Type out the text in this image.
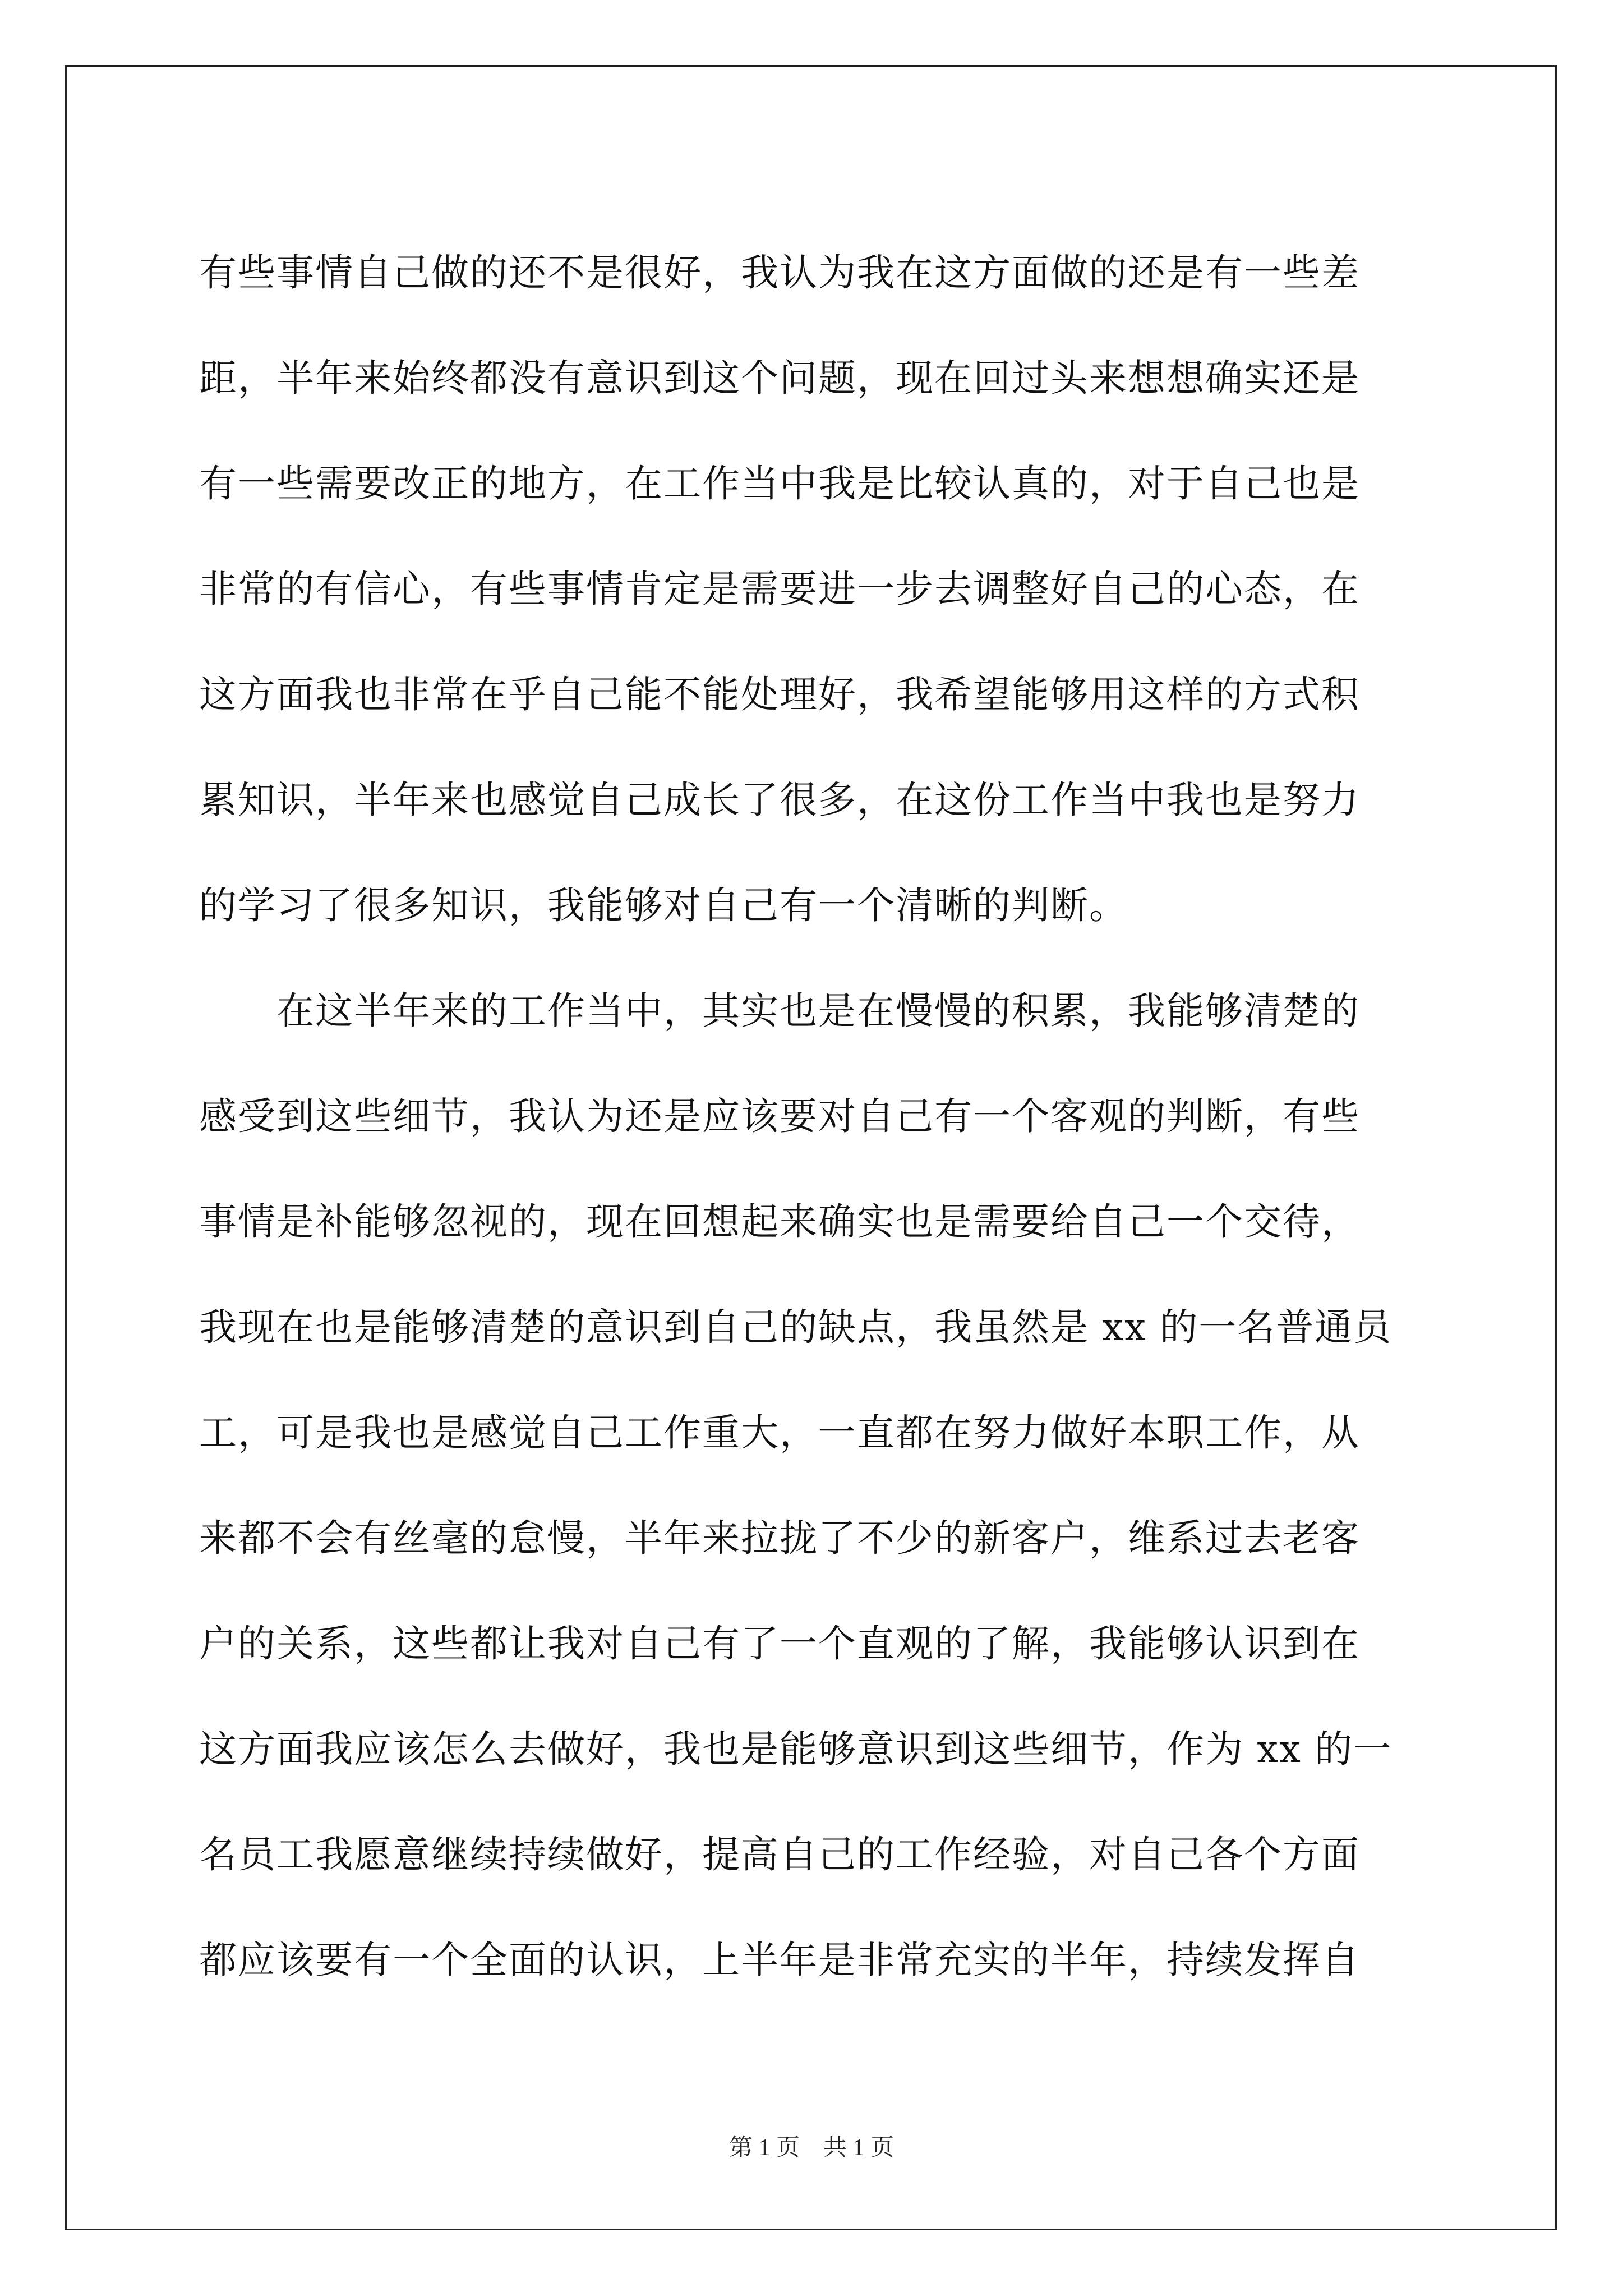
有些事情自己做的还不是很好，我认为我在这方面做的还是有一些差
距，半年来始终都没有意识到这个问题，现在回过头来想想确实还是
有一些需要改正的地方，在工作当中我是比较认真的，对于自己也是
非常的有信心，有些事情肯定是需要进一步去调整好自己的心态，在
这方面我也非常在乎自己能不能处理好，我希望能够用这样的方式积
累知识，半年来也感觉自己成长了很多，在这份工作当中我也是努力
的学习了很多知识，我能够对自己有一个清晰的判断。
　　在这半年来的工作当中，其实也是在慢慢的积累，我能够清楚的
感受到这些细节，我认为还是应该要对自己有一个客观的判断，有些
事情是补能够忽视的，现在回想起来确实也是需要给自己一个交待，
我现在也是能够清楚的意识到自己的缺点，我虽然是 xx 的一名普通员
工，可是我也是感觉自己工作重大，一直都在努力做好本职工作，从
来都不会有丝毫的怠慢，半年来拉拢了不少的新客户，维系过去老客
户的关系，这些都让我对自己有了一个直观的了解，我能够认识到在
这方面我应该怎么去做好，我也是能够意识到这些细节，作为 xx 的一
名员工我愿意继续持续做好，提高自己的工作经验，对自己各个方面
都应该要有一个全面的认识，上半年是非常充实的半年，持续发挥自
第 1 页　共 1 页
